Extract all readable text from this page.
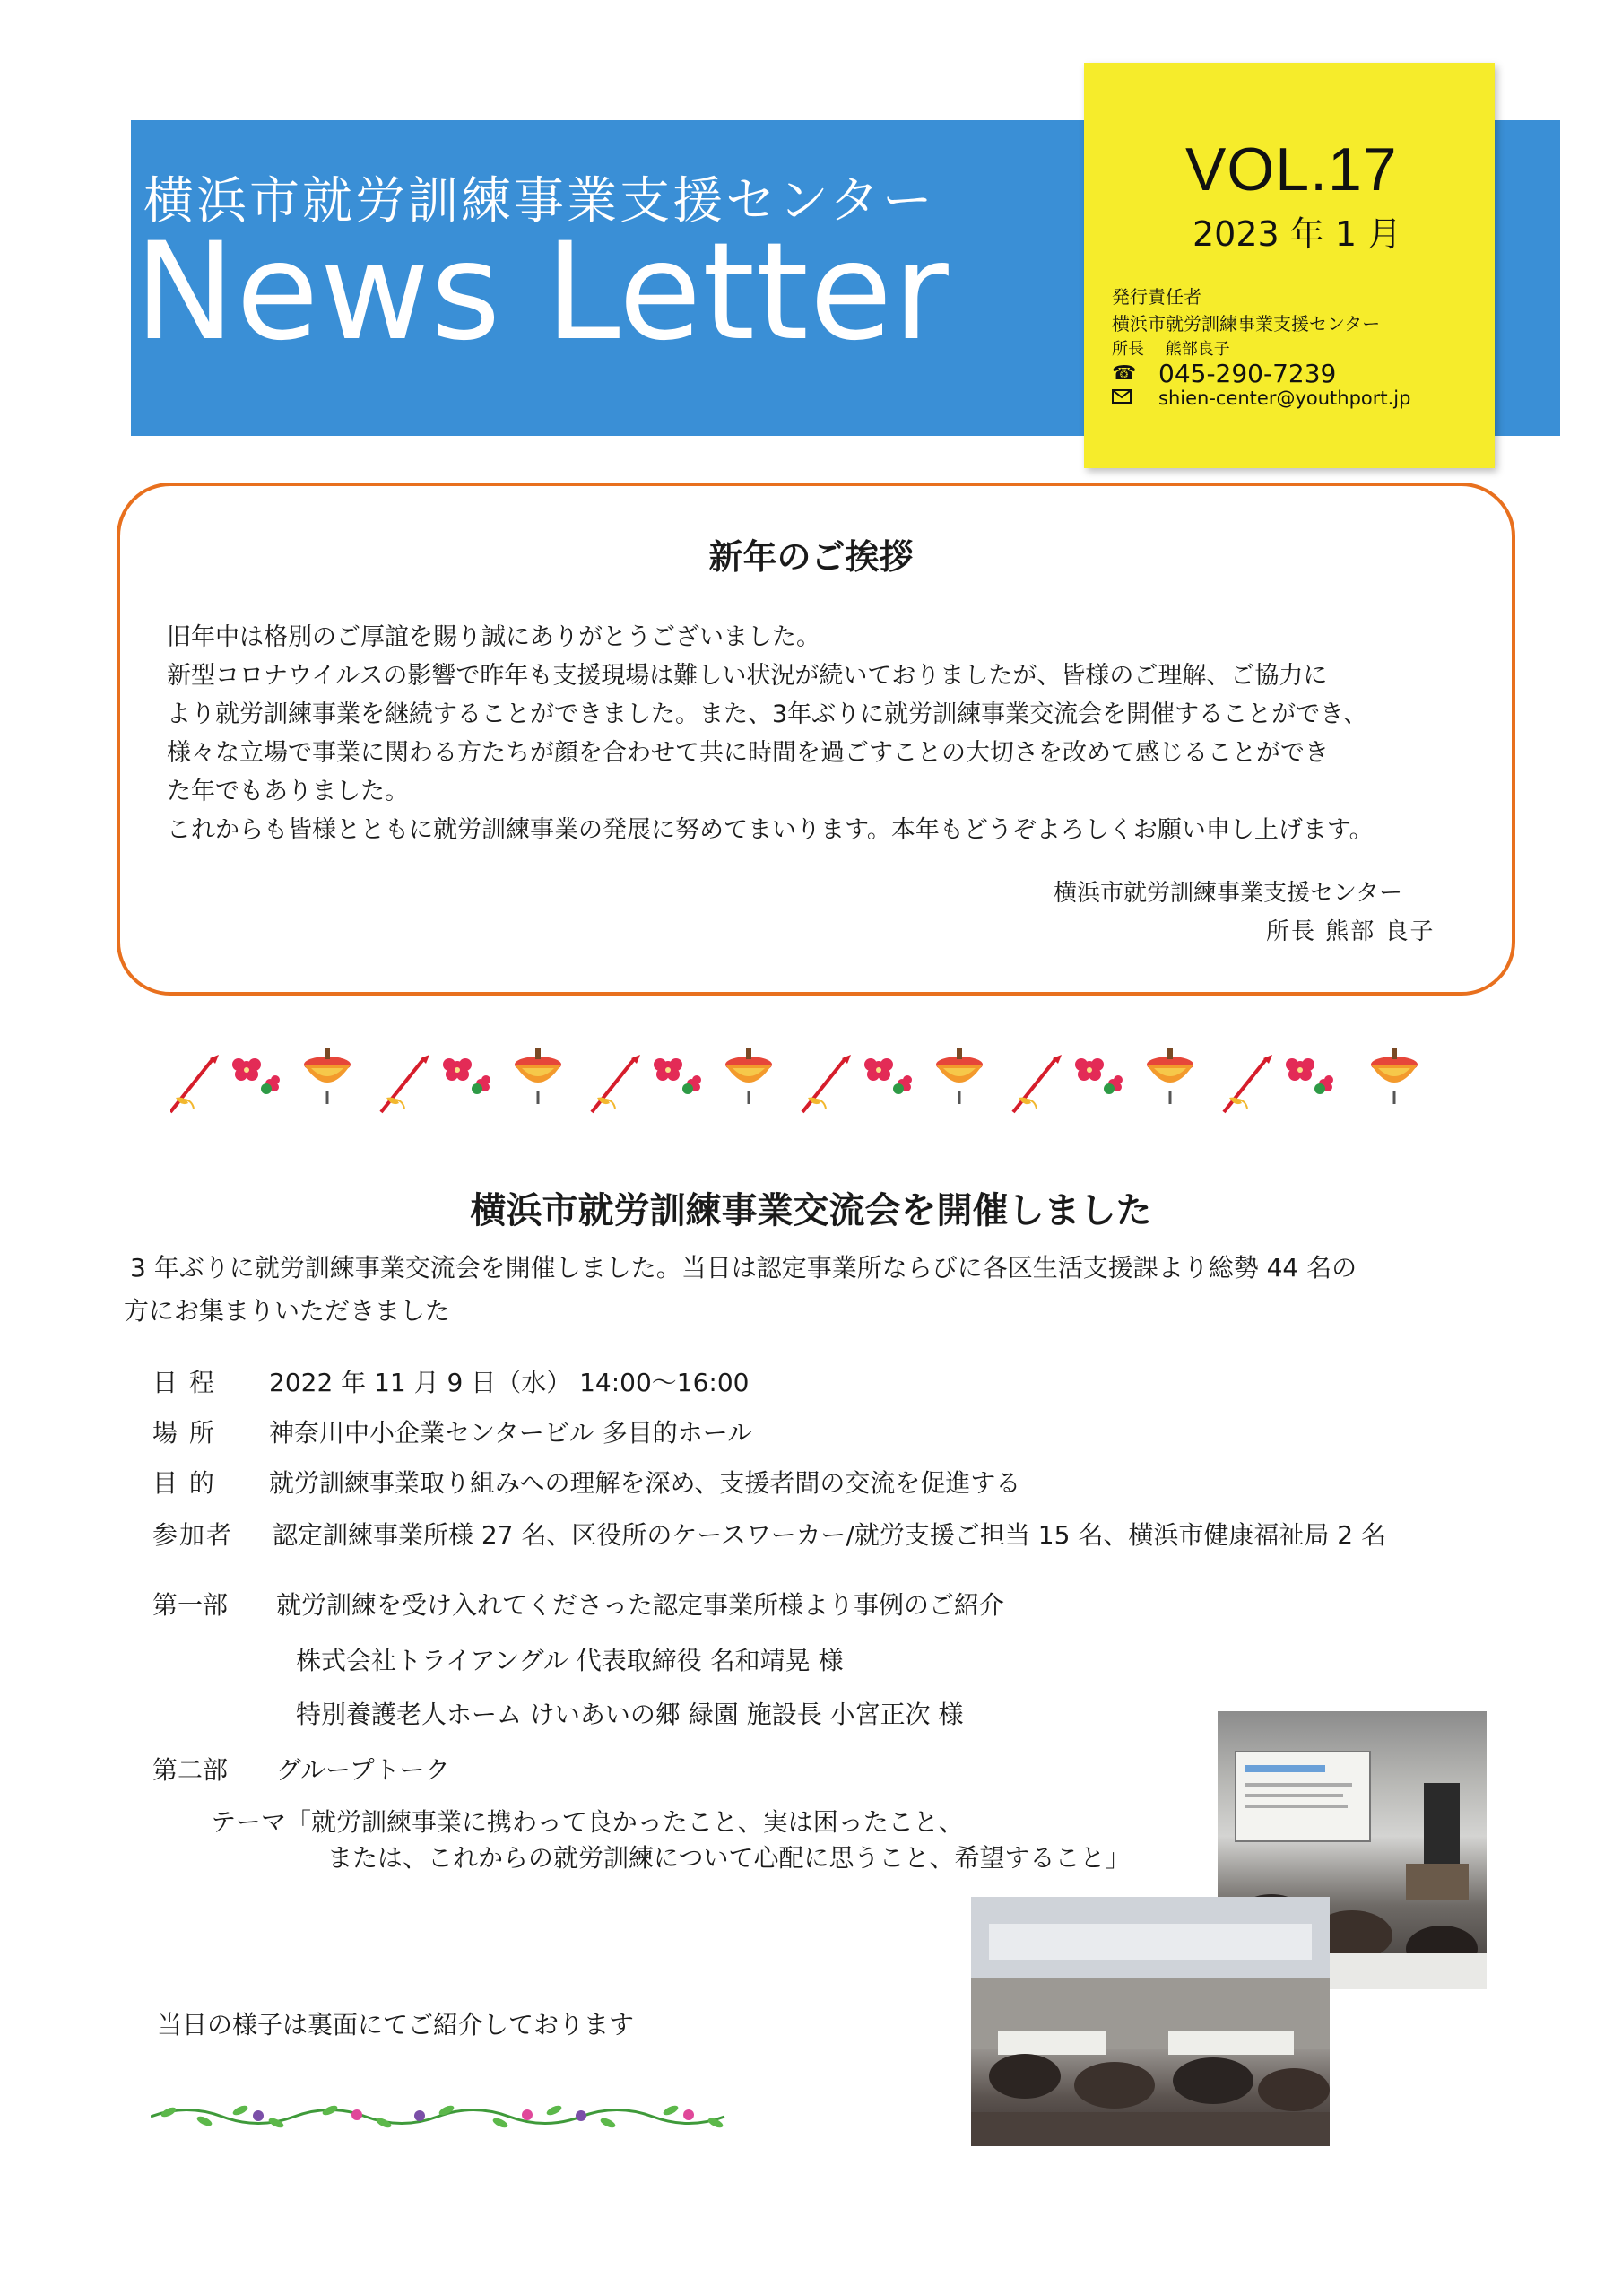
横浜市就労訓練事業支援センター
News Letter
VOL.17
2023 年 1 月
発行責任者
横浜市就労訓練事業支援センター
所長　 熊部良子
☎ 045-290-7239
shien-center@youthport.jp
新年のご挨拶
旧年中は格別のご厚誼を賜り誠にありがとうございました。
新型コロナウイルスの影響で昨年も支援現場は難しい状況が続いておりましたが、皆様のご理解、ご協力に
より就労訓練事業を継続することができました。また、3年ぶりに就労訓練事業交流会を開催することができ、
様々な立場で事業に関わる方たちが顔を合わせて共に時間を過ごすことの大切さを改めて感じることができ
た年でもありました。
これからも皆様とともに就労訓練事業の発展に努めてまいります。本年もどうぞよろしくお願い申し上げます。
横浜市就労訓練事業支援センター
所長 熊部 良子
横浜市就労訓練事業交流会を開催しました
3 年ぶりに就労訓練事業交流会を開催しました。当日は認定事業所ならびに各区生活支援課より総勢 44 名の
方にお集まりいただきました
日 程 2022 年 11 月 9 日（水） 14:00～16:00
場 所 神奈川中小企業センタービル 多目的ホール
目 的 就労訓練事業取り組みへの理解を深め、支援者間の交流を促進する
参加者 認定訓練事業所様 27 名、区役所のケースワーカー/就労支援ご担当 15 名、横浜市健康福祉局 2 名
第一部 就労訓練を受け入れてくださった認定事業所様より事例のご紹介
株式会社トライアングル 代表取締役 名和靖晃 様
特別養護老人ホーム けいあいの郷 緑園 施設長 小宮正次 様
第二部 グループトーク
テーマ「就労訓練事業に携わって良かったこと、実は困ったこと、
または、これからの就労訓練について心配に思うこと、希望すること」
当日の様子は裏面にてご紹介しております
